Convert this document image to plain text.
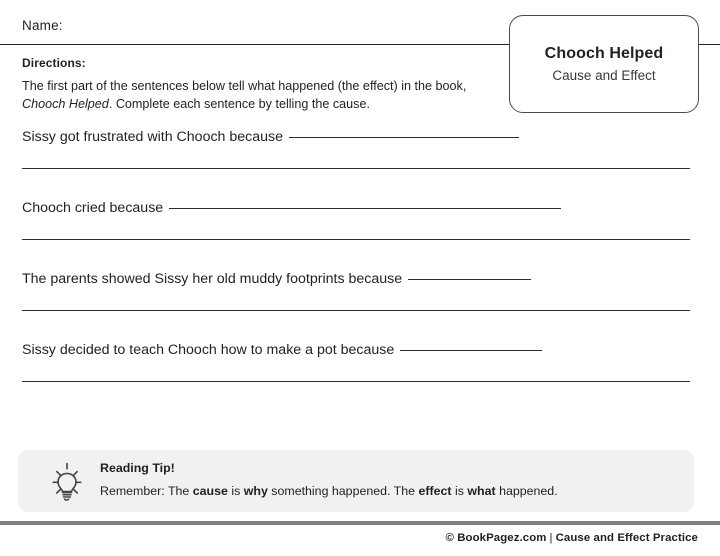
Name:
Chooch Helped
Cause and Effect
Directions:
The first part of the sentences below tell what happened (the effect) in the book, Chooch Helped. Complete each sentence by telling the cause.
Sissy got frustrated with Chooch because
Chooch cried because
The parents showed Sissy her old muddy footprints because
Sissy decided to teach Chooch how to make a pot because
Reading Tip!
Remember: The cause is why something happened. The effect is what happened.
© BookPagez.com | Cause and Effect Practice
